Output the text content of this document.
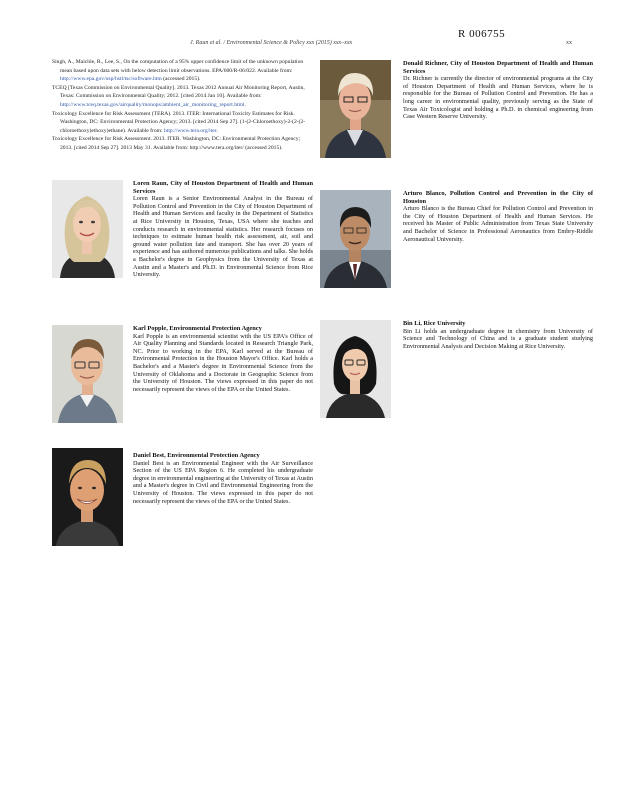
R 006755
J. Raun et al. / Environmental Science & Policy xxx (2015) xxx–xxx	xx

Singh, A., Maichle, R., Lee, S., On the computation of a 95% upper confidence limit of the unknown population mean based upon data sets with below detection limit observations. EPA/600/R-06/022. Available from: http://www.epa.gov/osp/hstl/tsc/software.htm (accessed 2015).

TCEQ [Texas Commission on Environmental Quality]. 2013. Texas 2012 Annual Air Monitoring Report, Austin, Texas: Commission on Environmental Quality; 2012. [cited 2014 Jan 10]. Available from: http://www.tceq.texas.gov/airquality/monops/ambient_air_monitoring_report.html.

Toxicology Excellence for Risk Assessment (TERA). 2013. ITER: International Toxicity Estimates for Risk. Washington, DC: Environmental Protection Agency; 2013. [cited 2014 Sep 27]. (1-(2-Chloroethoxy)-2-(2-(2-chloroethoxy)ethoxy)ethane). Available from: http://www.tera.org/iter.

Toxicology Excellence for Risk Assessment. 2013. ITER. Washington, DC: Environmental Protection Agency; 2013. [cited 2014 Sep 27]. 2013 May 31. Available from: http://www.tera.org/iter/ (accessed 2015).

Donald Richner, City of Houston Department of Health and Human Services
Dr. Richner is currently the director of environmental programs at the City of Houston Department of Health and Human Services, where he is responsible for the Bureau of Pollution Control and Prevention. He has a long career in environmental quality, previously serving as the State of Texas Air Toxicologist and holding a Ph.D. in chemical engineering from Case Western Reserve University.
Loren Raun, City of Houston Department of Health and Human Services
Loren Raun is a Senior Environmental Analyst in the Bureau of Pollution Control and Prevention in the City of Houston Department of Health and Human Services and faculty in the Department of Statistics at Rice University in Houston, Texas, USA where she teaches and conducts research in environmental statistics. Her research focuses on techniques to estimate human health risk assessment, air, soil and ground water pollution fate and transport. She has over 20 years of experience and has authored numerous publications and talks. She holds a Bachelor's degree in Geophysics from the University of Texas at Austin and a Master's and Ph.D. in Environmental Science from Rice University.
Arturo Blanco, Pollution Control and Prevention in the City of Houston
Arturo Blanco is the Bureau Chief for Pollution Control and Prevention in the City of Houston Department of Health and Human Services. He received his Master of Public Administration from Texas State University and Bachelor of Science in Professional Aeronautics from Embry-Riddle Aeronautical University.
Karl Popple, Environmental Protection Agency
Karl Popple is an environmental scientist with the US EPA's Office of Air Quality Planning and Standards located in Research Triangle Park, NC. Prior to working in the EPA, Karl served at the Bureau of Environmental Protection in the Houston Mayor's Office. Karl holds a Bachelor's and a Master's degree in Environmental Science from the University of Oklahoma and a Doctorate in Geographic Science from the University of Houston. The views expressed in this paper do not necessarily represent the views of the EPA or the United States.
Bin Li, Rice University
Bin Li holds an undergraduate degree in chemistry from University of Science and Technology of China and is a graduate student studying Environmental Analysis and Decision Making at Rice University.
Daniel Best, Environmental Protection Agency
Daniel Best is an Environmental Engineer with the Air Surveillance Section of the US EPA Region 6. He completed his undergraduate degree in environmental engineering at the University of Texas at Austin and a Master's degree in Civil and Environmental Engineering from the University of Houston. The views expressed in this paper do not necessarily represent the views of the EPA or the United States.
